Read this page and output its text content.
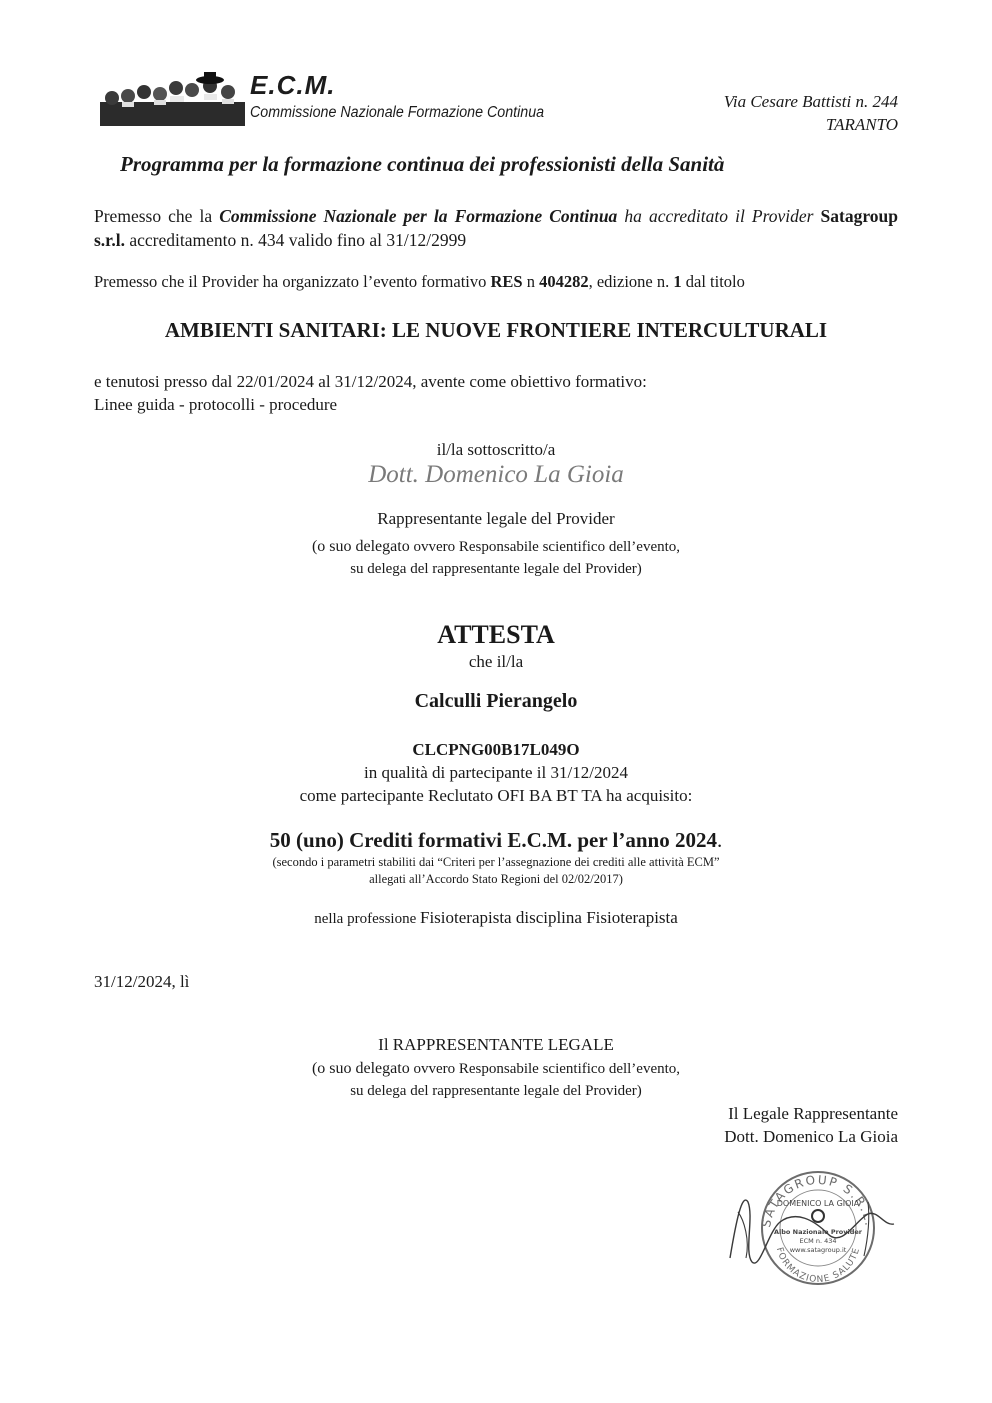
E.C.M.
Commissione Nazionale Formazione Continua
Via Cesare Battisti n. 244
TARANTO
Programma per la formazione continua dei professionisti della Sanità
Premesso che la Commissione Nazionale per la Formazione Continua ha accreditato il Provider Satagroup s.r.l. accreditamento n. 434 valido fino al 31/12/2999
Premesso che il Provider ha organizzato l’evento formativo RES n 404282, edizione n. 1 dal titolo
AMBIENTI SANITARI: LE NUOVE FRONTIERE INTERCULTURALI
e tenutosi presso dal 22/01/2024 al 31/12/2024, avente come obiettivo formativo:
Linee guida - protocolli - procedure
il/la sottoscritto/a
Dott. Domenico La Gioia
Rappresentante legale del Provider
(o suo delegato ovvero Responsabile scientifico dell’evento,
su delega del rappresentante legale del Provider)
ATTESTA
che il/la
Calculli Pierangelo
CLCPNG00B17L049O
in qualità di partecipante il 31/12/2024
come partecipante Reclutato OFI BA BT TA ha acquisito:
50 (uno) Crediti formativi E.C.M. per l’anno 2024.
(secondo i parametri stabiliti dai “Criteri per l’assegnazione dei crediti alle attività ECM”
allegati all’Accordo Stato Regioni del 02/02/2017)
nella professione Fisioterapista disciplina Fisioterapista
31/12/2024, lì
Il RAPPRESENTANTE LEGALE
(o suo delegato ovvero Responsabile scientifico dell’evento,
su delega del rappresentante legale del Provider)
Il Legale Rappresentante
Dott. Domenico La Gioia
SATAGROUP S.R.L.
FORMAZIONE SALUTE
DOMENICO LA GIOIA
Albo Nazionale Provider
ECM n. 434
www.satagroup.it
